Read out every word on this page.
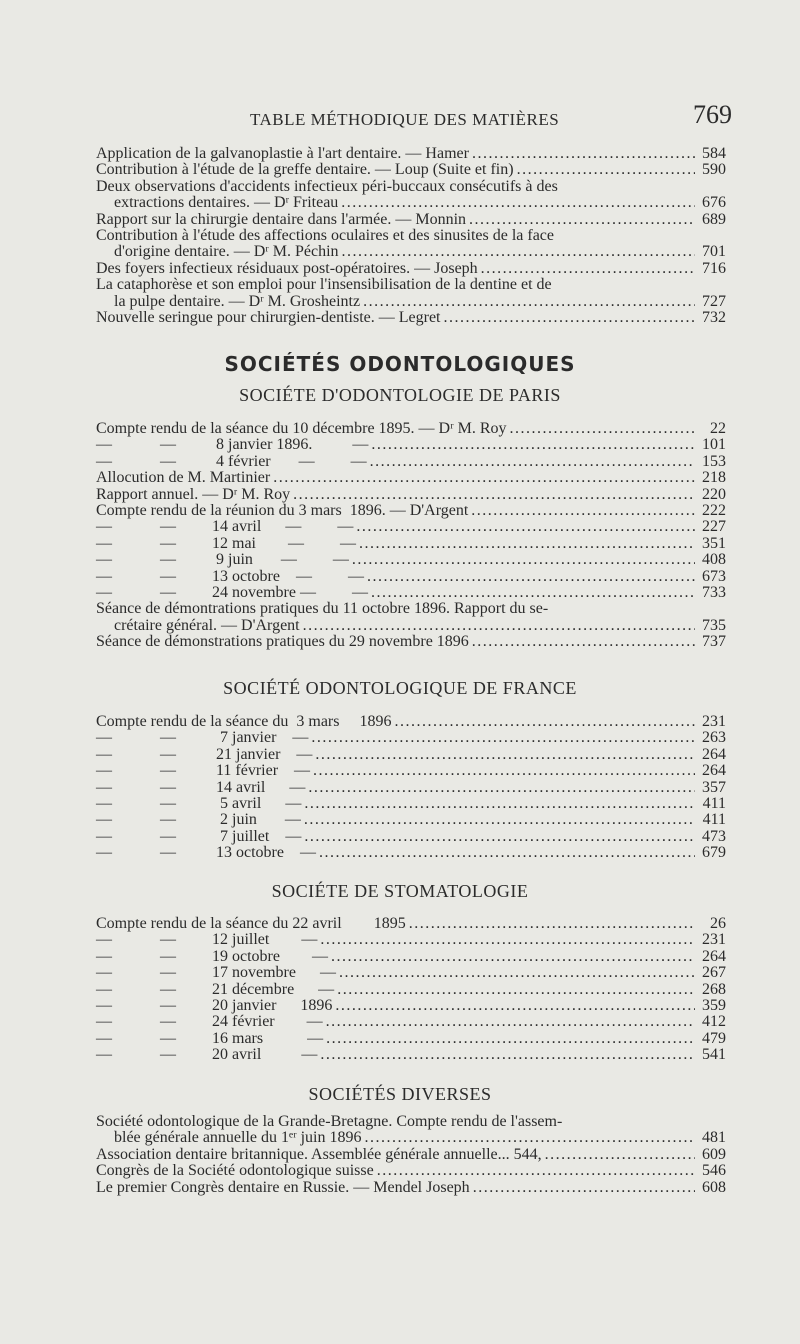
TABLE MÉTHODIQUE DES MATIÈRES	769
Application de la galvanoplastie à l'art dentaire. — Hamer .....	584
Contribution à l'étude de la greffe dentaire. — Loup (Suite et fin) .....	590
Deux observations d'accidents infectieux péri-buccaux consécutifs à des
extractions dentaires. — Dʳ Friteau .....	676
Rapport sur la chirurgie dentaire dans l'armée. — Monnin .....	689
Contribution à l'étude des affections oculaires et des sinusites de la face
d'origine dentaire. — Dʳ M. Péchin .....	701
Des foyers infectieux résiduaux post-opératoires. — Joseph .....	716
La cataphorèse et son emploi pour l'insensibilisation de la dentine et de
la pulpe dentaire. — Dʳ M. Grosheintz .....	727
Nouvelle seringue pour chirurgien-dentiste. — Legret .....	732
SOCIÉTÉS ODONTOLOGIQUES
SOCIÉTE D'ODONTOLOGIE DE PARIS
Compte rendu de la séance du 10 décembre 1895. — Dʳ M. Roy .....	22
—            —          8 janvier 1896.          — .....	101
—            —          4 février       —         — .....	153
Allocution de M. Martinier .....	218
Rapport annuel. — Dʳ M. Roy .....	220
Compte rendu de la réunion du 3 mars  1896. — D'Argent .....	222
—            —         14 avril      —         — .....	227
—            —         12 mai        —         — .....	351
—            —          9 juin       —         — .....	408
—            —         13 octobre    —         — .....	673
—            —         24 novembre —         — .....	733
Séance de démontrations pratiques du 11 octobre 1896. Rapport du se-
crétaire général. — D'Argent .....	735
Séance de démonstrations pratiques du 29 novembre 1896 .....	737
SOCIÉTÉ ODONTOLOGIQUE DE FRANCE
Compte rendu de la séance du  3 mars     1896 .....	231
—            —           7 janvier    — .....	263
—            —          21 janvier    — .....	264
—            —          11 février    — .....	264
—            —          14 avril      — .....	357
—            —           5 avril      — .....	411
—            —           2 juin       — .....	411
—            —           7 juillet    — .....	473
—            —          13 octobre    — .....	679
SOCIÉTE DE STOMATOLOGIE
Compte rendu de la séance du 22 avril        1895 .....	26
—            —         12 juillet        — .....	231
—            —         19 octobre        — .....	264
—            —         17 novembre      — .....	267
—            —         21 décembre      — .....	268
—            —         20 janvier      1896 .....	359
—            —         24 février        — .....	412
—            —         16 mars           — .....	479
—            —         20 avril          — .....	541
SOCIÉTÉS DIVERSES
Société odontologique de la Grande-Bretagne. Compte rendu de l'assem-
blée générale annuelle du 1ᵉʳ juin 1896 .....	481
Association dentaire britannique. Assemblée générale annuelle... 544, .....	609
Congrès de la Société odontologique suisse .....	546
Le premier Congrès dentaire en Russie. — Mendel Joseph .....	608
